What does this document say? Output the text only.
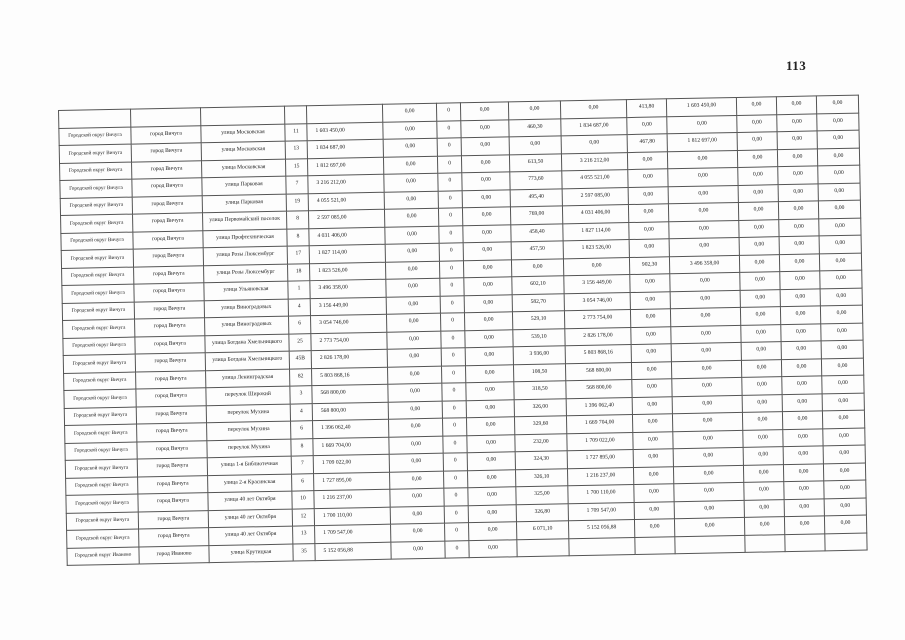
113
					0,00	0	0,00	0,00	0,00	413,80	1 603 450,00	0,00	0,00	0,00
Городской округ Вичуга	город Вичуга	улица Московская	11	1 603 450,00	0,00	0	0,00	460,30	1 834 687,00	0,00	0,00	0,00	0,00	0,00
Городской округ Вичуга	город Вичуга	улица Московская	13	1 834 687,00	0,00	0	0,00	0,00	0,00	467,80	1 812 697,00	0,00	0,00	0,00
Городской округ Вичуга	город Вичуга	улица Московская	15	1 812 697,00	0,00	0	0,00	613,50	3 216 212,00	0,00	0,00	0,00	0,00	0,00
Городской округ Вичуга	город Вичуга	улица Парковая	7	3 216 212,00	0,00	0	0,00	773,60	4 055 521,00	0,00	0,00	0,00	0,00	0,00
Городской округ Вичуга	город Вичуга	улица Парковая	19	4 055 521,00	0,00	0	0,00	495,40	2 597 085,00	0,00	0,00	0,00	0,00	0,00
Городской округ Вичуга	город Вичуга	улица Первомайский поселок	8	2 597 085,00	0,00	0	0,00	769,00	4 031 406,00	0,00	0,00	0,00	0,00	0,00
Городской округ Вичуга	город Вичуга	улица Профтехническая	8	4 031 406,00	0,00	0	0,00	458,40	1 827 114,00	0,00	0,00	0,00	0,00	0,00
Городской округ Вичуга	город Вичуга	улица Розы Люксембург	17	1 827 114,00	0,00	0	0,00	457,50	1 823 526,00	0,00	0,00	0,00	0,00	0,00
Городской округ Вичуга	город Вичуга	улица Розы Люксембург	18	1 823 526,00	0,00	0	0,00	0,00	0,00	902,30	3 496 358,00	0,00	0,00	0,00
Городской округ Вичуга	город Вичуга	улица Ульяновская	1	3 496 358,00	0,00	0	0,00	602,10	3 156 449,00	0,00	0,00	0,00	0,00	0,00
Городской округ Вичуга	город Вичуга	улица Виноградовых	4	3 156 449,00	0,00	0	0,00	582,70	3 054 746,00	0,00	0,00	0,00	0,00	0,00
Городской округ Вичуга	город Вичуга	улица Виноградовых	6	3 054 746,00	0,00	0	0,00	529,10	2 773 754,00	0,00	0,00	0,00	0,00	0,00
Городской округ Вичуга	город Вичуга	улица Богдана Хмельницкого	25	2 773 754,00	0,00	0	0,00	539,10	2 826 178,00	0,00	0,00	0,00	0,00	0,00
Городской округ Вичуга	город Вичуга	улица Богдана Хмельницкого	45В	2 826 178,00	0,00	0	0,00	3 936,00	5 803 868,16	0,00	0,00	0,00	0,00	0,00
Городской округ Вичуга	город Вичуга	улица Ленинградская	82	5 803 868,16	0,00	0	0,00	108,50	568 800,00	0,00	0,00	0,00	0,00	0,00
Городской округ Вичуга	город Вичуга	переулок Широкий	3	568 800,00	0,00	0	0,00	318,50	568 800,00	0,00	0,00	0,00	0,00	0,00
Городской округ Вичуга	город Вичуга	переулок Мухина	4	568 800,00	0,00	0	0,00	326,00	1 396 062,40	0,00	0,00	0,00	0,00	0,00
Городской округ Вичуга	город Вичуга	переулок Мухина	6	1 396 062,40	0,00	0	0,00	329,60	1 669 704,00	0,00	0,00	0,00	0,00	0,00
Городской округ Вичуга	город Вичуга	переулок Мухина	8	1 669 704,00	0,00	0	0,00	232,00	1 709 022,00	0,00	0,00	0,00	0,00	0,00
Городской округ Вичуга	город Вичуга	улица 1-я Библиотечная	7	1 709 022,00	0,00	0	0,00	324,30	1 727 895,00	0,00	0,00	0,00	0,00	0,00
Городской округ Вичуга	город Вичуга	улица 2-я Красинская	6	1 727 895,00	0,00	0	0,00	326,10	1 216 237,00	0,00	0,00	0,00	0,00	0,00
Городской округ Вичуга	город Вичуга	улица 40 лет Октября	10	1 216 237,00	0,00	0	0,00	325,00	1 700 110,00	0,00	0,00	0,00	0,00	0,00
Городской округ Вичуга	город Вичуга	улица 40 лет Октября	12	1 700 110,00	0,00	0	0,00	326,80	1 709 547,00	0,00	0,00	0,00	0,00	0,00
Городской округ Вичуга	город Вичуга	улица 40 лет Октября	13	1 709 547,00	0,00	0	0,00	6 071,10	5 152 056,88	0,00	0,00	0,00	0,00	0,00
Городской округ Иваново	город Иваново	улица Крутицкая	35	5 152 056,88	0,00	0	0,00							
